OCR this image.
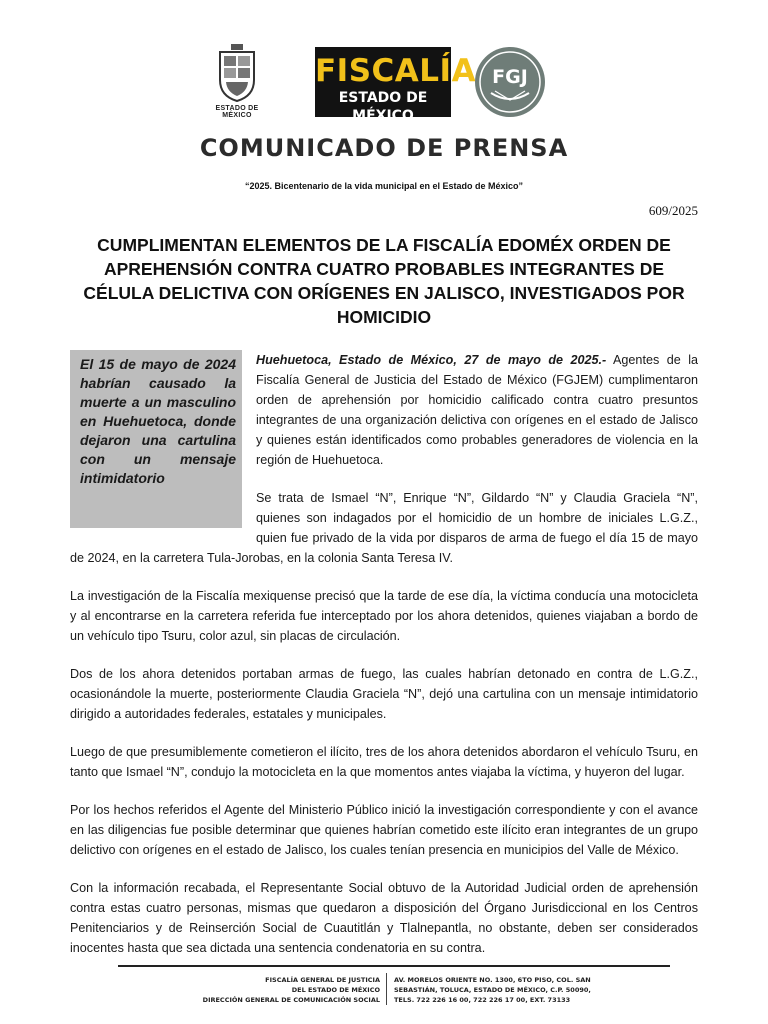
ESTADO DE MÉXICO
FISCALÍA
ESTADO DE MÉXICO
FGJ
COMUNICADO DE PRENSA
“2025. Bicentenario de la vida municipal en el Estado de México”
609/2025
CUMPLIMENTAN ELEMENTOS DE LA FISCALÍA EDOMÉX ORDEN DE APREHENSIÓN CONTRA CUATRO PROBABLES INTEGRANTES DE CÉLULA DELICTIVA CON ORÍGENES EN JALISCO, INVESTIGADOS POR HOMICIDIO
El 15 de mayo de 2024 habrían causado la muerte a un masculino en Huehuetoca, donde dejaron una cartulina con un mensaje intimidatorio

Huehuetoca, Estado de México, 27 de mayo de 2025.- Agentes de la Fiscalía General de Justicia del Estado de México (FGJEM) cumplimentaron orden de aprehensión por homicidio calificado contra cuatro presuntos integrantes de una organización delictiva con orígenes en el estado de Jalisco y quienes están identificados como probables generadores de violencia en la región de Huehuetoca.

Se trata de Ismael “N”, Enrique “N”, Gildardo “N” y Claudia Graciela “N”, quienes son indagados por el homicidio de un hombre de iniciales L.G.Z., quien fue privado de la vida por disparos de arma de fuego el día 15 de mayo de 2024, en la carretera Tula-Jorobas, en la colonia Santa Teresa IV.

La investigación de la Fiscalía mexiquense precisó que la tarde de ese día, la víctima conducía una motocicleta y al encontrarse en la carretera referida fue interceptado por los ahora detenidos, quienes viajaban a bordo de un vehículo tipo Tsuru, color azul, sin placas de circulación.

Dos de los ahora detenidos portaban armas de fuego, las cuales habrían detonado en contra de L.G.Z., ocasionándole la muerte, posteriormente Claudia Graciela “N”, dejó una cartulina con un mensaje intimidatorio dirigido a autoridades federales, estatales y municipales.

Luego de que presumiblemente cometieron el ilícito, tres de los ahora detenidos abordaron el vehículo Tsuru, en tanto que Ismael “N”, condujo la motocicleta en la que momentos antes viajaba la víctima, y huyeron del lugar.

Por los hechos referidos el Agente del Ministerio Público inició la investigación correspondiente y con el avance en las diligencias fue posible determinar que quienes habrían cometido este ilícito eran integrantes de un grupo delictivo con orígenes en el estado de Jalisco, los cuales tenían presencia en municipios del Valle de México.

Con la información recabada, el Representante Social obtuvo de la Autoridad Judicial orden de aprehensión contra estas cuatro personas, mismas que quedaron a disposición del Órgano Jurisdiccional en los Centros Penitenciarios y de Reinserción Social de Cuautitlán y Tlalnepantla, no obstante, deben ser considerados inocentes hasta que sea dictada una sentencia condenatoria en su contra.

FISCALÍA GENERAL DE JUSTICIA
DEL ESTADO DE MÉXICO
DIRECCIÓN GENERAL DE COMUNICACIÓN SOCIAL
AV. MORELOS ORIENTE NO. 1300, 6TO PISO, COL. SAN
SEBASTIÁN, TOLUCA, ESTADO DE MÉXICO, C.P. 50090,
TELS. 722 226 16 00, 722 226 17 00, EXT. 73133
